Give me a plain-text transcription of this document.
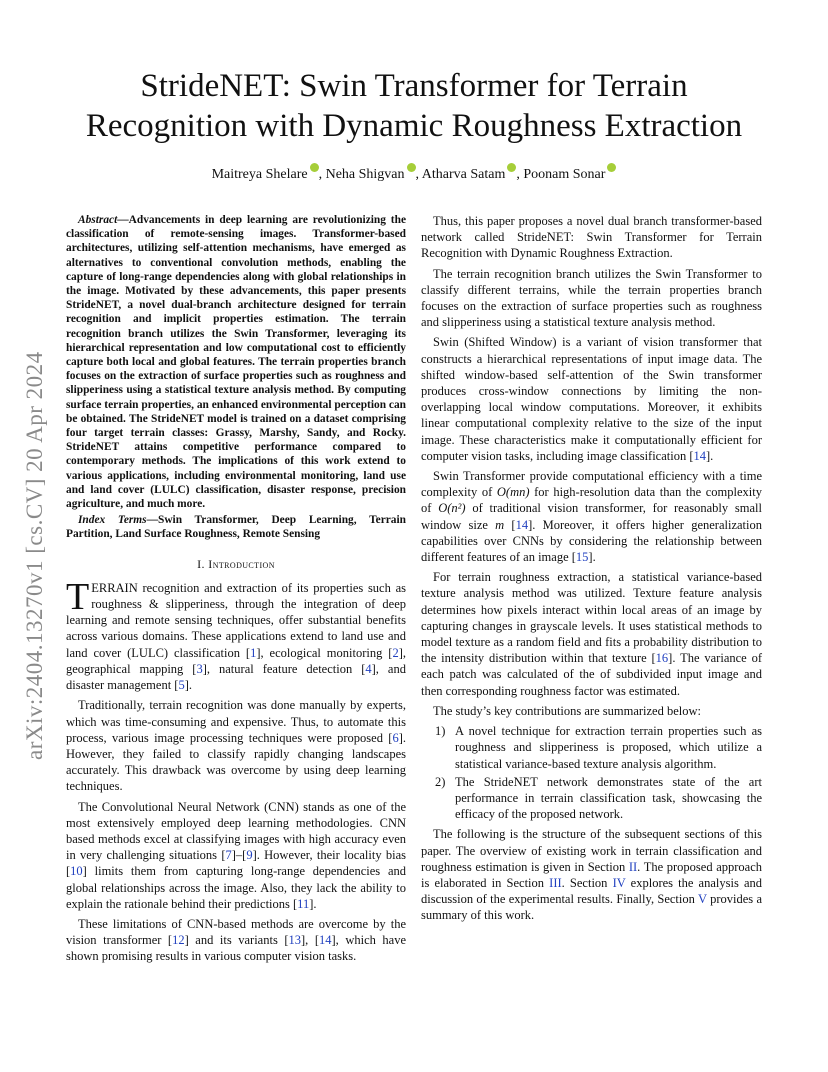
arXiv:2404.13270v1 [cs.CV] 20 Apr 2024
StrideNET: Swin Transformer for Terrain
Recognition with Dynamic Roughness Extraction
Maitreya Shelare , Neha Shigvan , Atharva Satam , Poonam Sonar

Abstract—Advancements in deep learning are revolutionizing the classification of remote-sensing images. Transformer-based architectures, utilizing self-attention mechanisms, have emerged as alternatives to conventional convolution methods, enabling the capture of long-range dependencies along with global relationships in the image. Motivated by these advancements, this paper presents StrideNET, a novel dual-branch architecture designed for terrain recognition and implicit properties estimation. The terrain recognition branch utilizes the Swin Transformer, leveraging its hierarchical representation and low computational cost to efficiently capture both local and global features. The terrain properties branch focuses on the extraction of surface properties such as roughness and slipperiness using a statistical texture analysis method. By computing surface terrain properties, an enhanced environmental perception can be obtained. The StrideNET model is trained on a dataset comprising four target terrain classes: Grassy, Marshy, Sandy, and Rocky. StrideNET attains competitive performance compared to contemporary methods. The implications of this work extend to various applications, including environmental monitoring, land use and land cover (LULC) classification, disaster response, precision agriculture, and much more.

Index Terms—Swin Transformer, Deep Learning, Terrain Partition, Land Surface Roughness, Remote Sensing

I. Introduction

TERRAIN recognition and extraction of its properties such as roughness & slipperiness, through the integration of deep learning and remote sensing techniques, offer substantial benefits across various domains. These applications extend to land use and land cover (LULC) classification [1], ecological monitoring [2], geographical mapping [3], natural feature detection [4], and disaster management [5].

Traditionally, terrain recognition was done manually by experts, which was time-consuming and expensive. Thus, to automate this process, various image processing techniques were proposed [6]. However, they failed to classify rapidly changing landscapes accurately. This drawback was overcome by using deep learning techniques.

The Convolutional Neural Network (CNN) stands as one of the most extensively employed deep learning methodologies. CNN based methods excel at classifying images with high accuracy even in very challenging situations [7]–[9]. However, their locality bias [10] limits them from capturing long-range dependencies and global relationships across the image. Also, they lack the ability to explain the rationale behind their predictions [11].

These limitations of CNN-based methods are overcome by the vision transformer [12] and its variants [13], [14], which have shown promising results in various computer vision tasks.

Thus, this paper proposes a novel dual branch transformer-based network called StrideNET: Swin Transformer for Terrain Recognition with Dynamic Roughness Extraction.

The terrain recognition branch utilizes the Swin Transformer to classify different terrains, while the terrain properties branch focuses on the extraction of surface properties such as roughness and slipperiness using a statistical texture analysis method.

Swin (Shifted Window) is a variant of vision transformer that constructs a hierarchical representations of input image data. The shifted window-based self-attention of the Swin transformer produces cross-window connections by limiting the non-overlapping local window computations. Moreover, it exhibits linear computational complexity relative to the size of the input image. These characteristics make it computationally efficient for computer vision tasks, including image classification [14].

Swin Transformer provide computational efficiency with a time complexity of O(mn) for high-resolution data than the complexity of O(n²) of traditional vision transformer, for reasonably small window size m [14]. Moreover, it offers higher generalization capabilities over CNNs by considering the relationship between different features of an image [15].

For terrain roughness extraction, a statistical variance-based texture analysis method was utilized. Texture feature analysis determines how pixels interact within local areas of an image by capturing changes in grayscale levels. It uses statistical methods to model texture as a random field and fits a probability distribution to the intensity distribution within that texture [16]. The variance of each patch was calculated of the of subdivided input image and then corresponding roughness factor was estimated.

The study’s key contributions are summarized below:

1) A novel technique for extraction terrain properties such as roughness and slipperiness is proposed, which utilize a statistical variance-based texture analysis algorithm.
2) The StrideNET network demonstrates state of the art performance in terrain classification task, showcasing the efficacy of the proposed network.

The following is the structure of the subsequent sections of this paper. The overview of existing work in terrain classification and roughness estimation is given in Section II. The proposed approach is elaborated in Section III. Section IV explores the analysis and discussion of the experimental results. Finally, Section V provides a summary of this work.
